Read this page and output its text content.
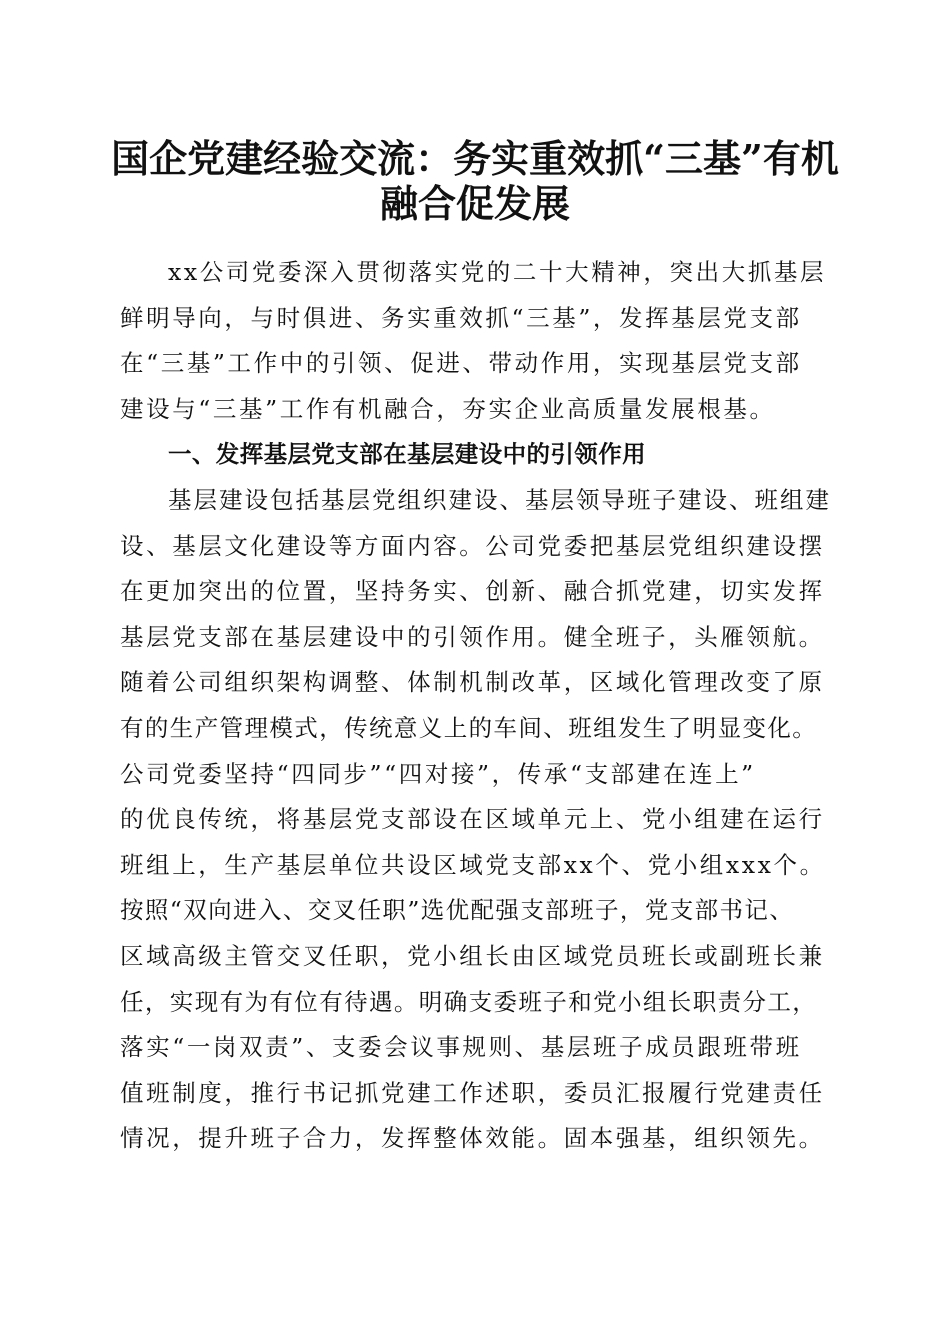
国企党建经验交流：务实重效抓“三基”有机
融合促发展
xx公司党委深入贯彻落实党的二十大精神，突出大抓基层
鲜明导向，与时俱进、务实重效抓“三基”，发挥基层党支部
在“三基”工作中的引领、促进、带动作用，实现基层党支部
建设与“三基”工作有机融合，夯实企业高质量发展根基。
一、发挥基层党支部在基层建设中的引领作用
基层建设包括基层党组织建设、基层领导班子建设、班组建
设、基层文化建设等方面内容。公司党委把基层党组织建设摆
在更加突出的位置，坚持务实、创新、融合抓党建，切实发挥
基层党支部在基层建设中的引领作用。健全班子，头雁领航。
随着公司组织架构调整、体制机制改革，区域化管理改变了原
有的生产管理模式，传统意义上的车间、班组发生了明显变化。
公司党委坚持“四同步”“四对接”，传承“支部建在连上”
的优良传统，将基层党支部设在区域单元上、党小组建在运行
班组上，生产基层单位共设区域党支部xx个、党小组xxx个。
按照“双向进入、交叉任职”选优配强支部班子，党支部书记、
区域高级主管交叉任职，党小组长由区域党员班长或副班长兼
任，实现有为有位有待遇。明确支委班子和党小组长职责分工，
落实“一岗双责”、支委会议事规则、基层班子成员跟班带班
值班制度，推行书记抓党建工作述职，委员汇报履行党建责任
情况，提升班子合力，发挥整体效能。固本强基，组织领先。
